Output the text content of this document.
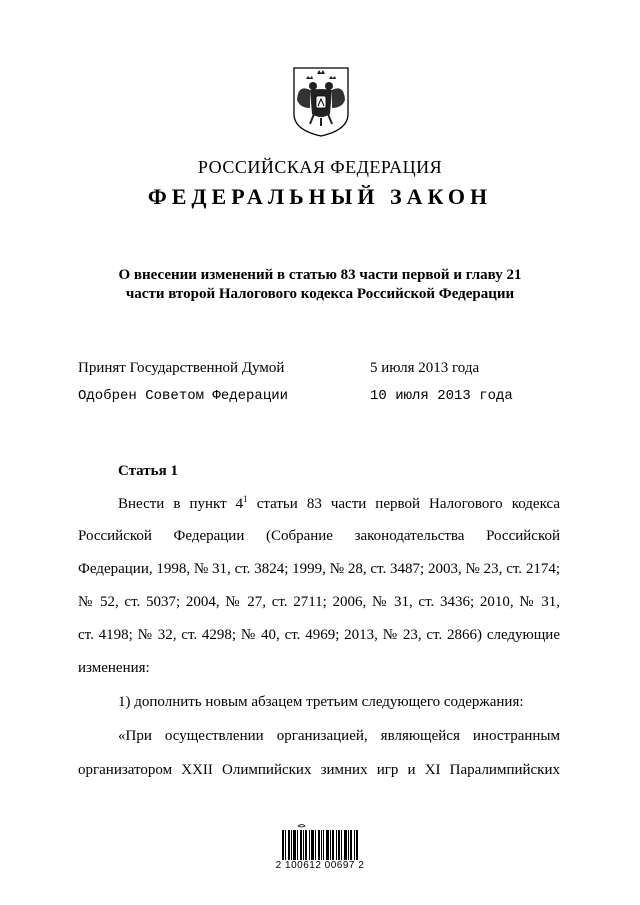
РОССИЙСКАЯ ФЕДЕРАЦИЯ
ФЕДЕРАЛЬНЫЙ ЗАКОН
О внесении изменений в статью 83 части первой и главу 21
части второй Налогового кодекса Российской Федерации
Принят Государственной Думой	5 июля 2013 года
Одобрен Советом Федерации	10 июля 2013 года
Статья 1
Внести в пункт $4^1$ статьи 83 части первой Налогового кодекса
Российской Федерации (Собрание законодательства Российской
Федерации, 1998, № 31, ст. 3824; 1999, № 28, ст. 3487; 2003, № 23, ст. 2174;
№ 52, ст. 5037; 2004, № 27, ст. 2711; 2006, № 31, ст. 3436; 2010, № 31,
ст. 4198; № 32, ст. 4298; № 40, ст. 4969; 2013, № 23, ст. 2866) следующие
изменения:
1) дополнить новым абзацем третьим следующего содержания:
«При осуществлении организацией, являющейся иностранным
организатором XXII Олимпийских зимних игр и XI Паралимпийских
2 100612 00697 2
